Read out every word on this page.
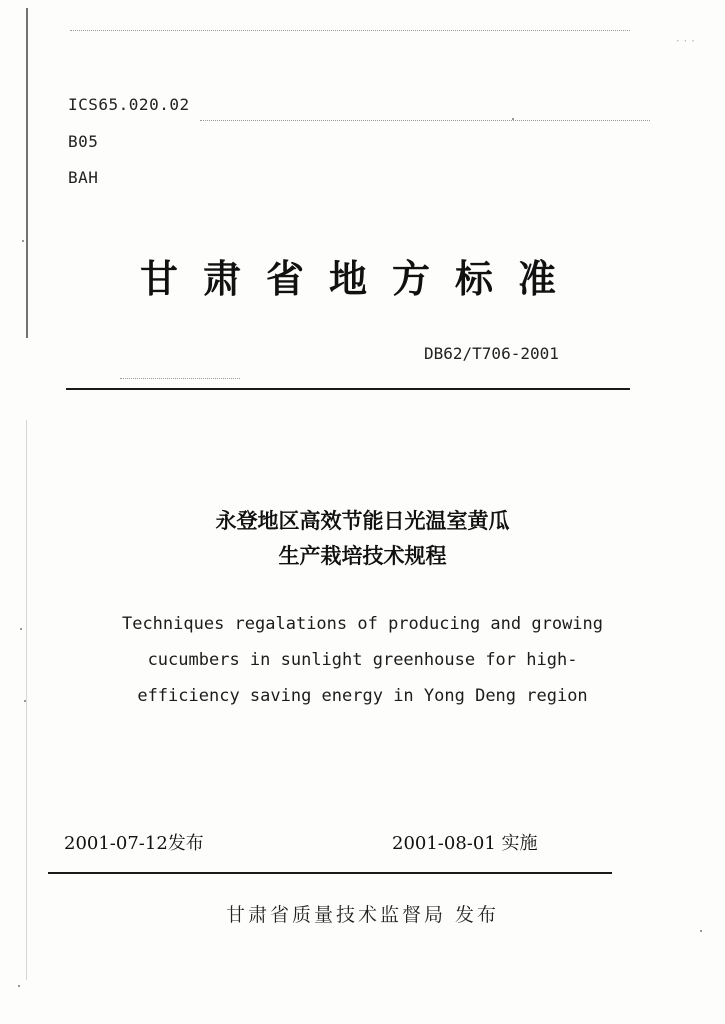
· · ·
ICS65.020.02
B05
BAH
甘肃省地方标准
DB62/T706-2001
永登地区高效节能日光温室黄瓜
生产栽培技术规程
Techniques regalations of producing and growing
cucumbers in sunlight greenhouse for high-
efficiency saving energy in Yong Deng region
2001-07-12发布	2001-08-01 实施
甘肃省质量技术监督局 发布
